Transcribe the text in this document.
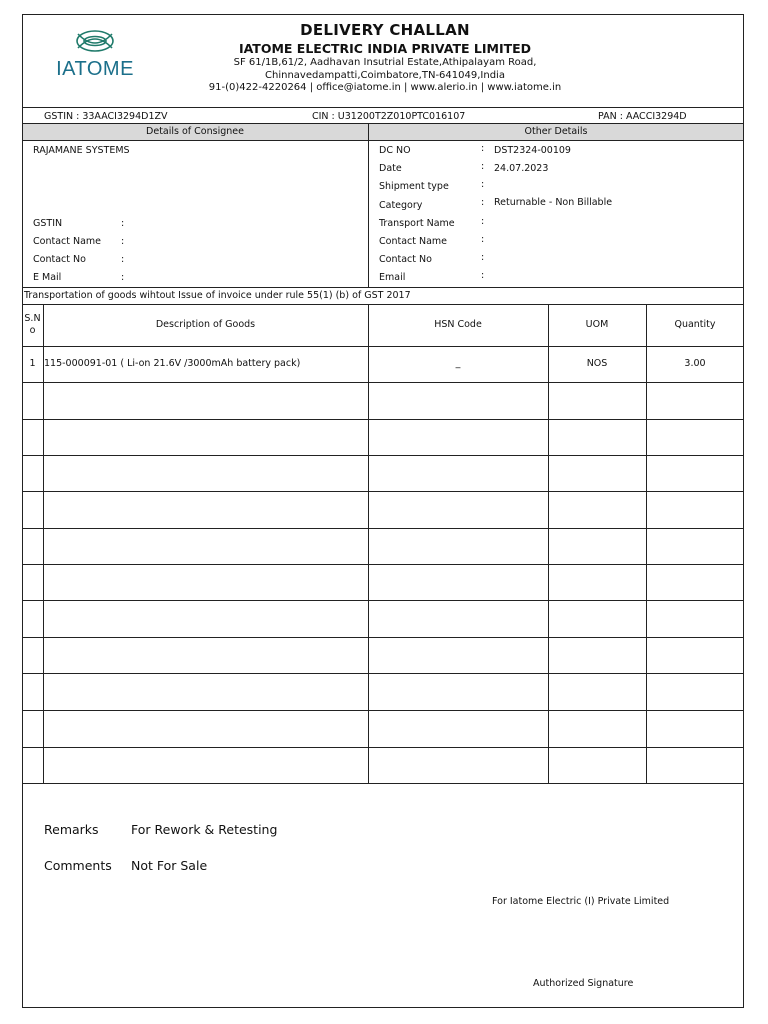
IATOME
DELIVERY CHALLAN
IATOME ELECTRIC INDIA PRIVATE LIMITED
SF 61/1B,61/2, Aadhavan Insutrial Estate,Athipalayam Road,
Chinnavedampatti,Coimbatore,TN-641049,India
91-(0)422-4220264 | office@iatome.in | www.alerio.in | www.iatome.in
GSTIN : 33AACI3294D1ZV	CIN : U31200T2Z010PTC016107	PAN : AACCI3294D
Details of Consignee	Other Details
RAJAMANE SYSTEMS
GSTIN	:
Contact Name :
Contact No	:
E Mail	:
DC NO	: DST2324-00109
Date	: 24.07.2023
Shipment type	:
Category	: Returnable - Non Billable
Transport Name	:
Contact Name	:
Contact No	:
Email	:
Transportation of goods wihtout Issue of invoice under rule 55(1) (b) of GST 2017
S.N
o
Description of Goods	HSN Code	UOM	Quantity
1 115-000091-01 ( Li-on 21.6V /3000mAh battery pack)	_	NOS	3.00
Remarks	For Rework & Retesting
Comments Not For Sale
For Iatome Electric (I) Private Limited
Authorized Signature
